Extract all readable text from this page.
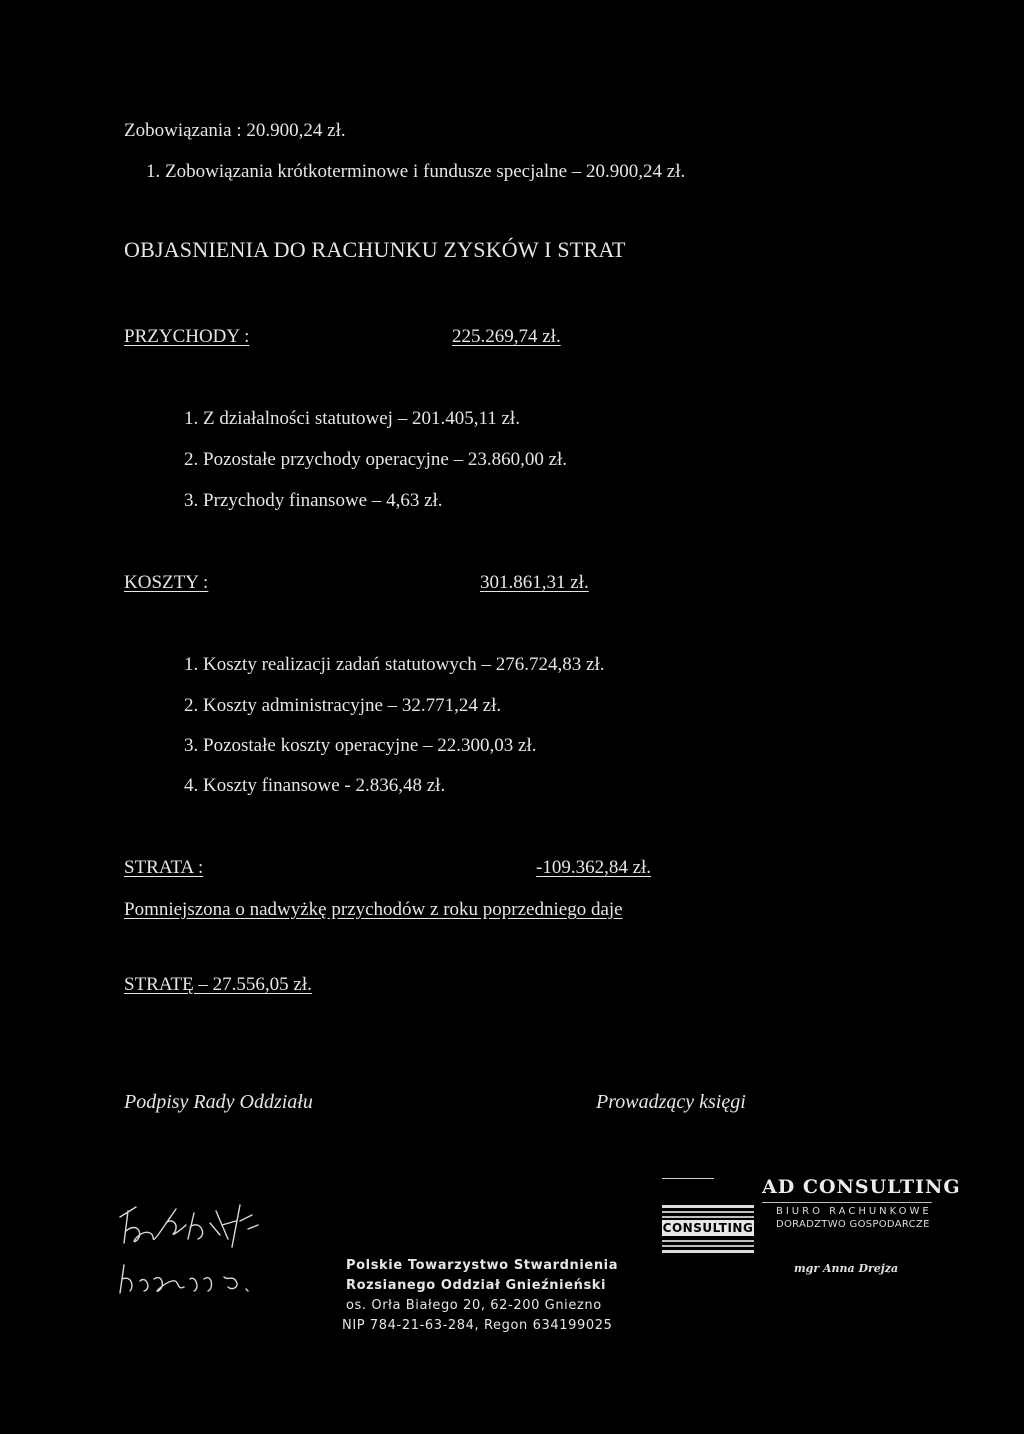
Zobowiązania : 20.900,24 zł.
1. Zobowiązania krótkoterminowe i fundusze specjalne – 20.900,24 zł.
OBJASNIENIA DO RACHUNKU ZYSKÓW I STRAT
PRZYCHODY :	225.269,74 zł.
1. Z działalności statutowej – 201.405,11 zł.
2. Pozostałe przychody operacyjne – 23.860,00 zł.
3. Przychody finansowe – 4,63 zł.
KOSZTY :	301.861,31 zł.
1. Koszty realizacji zadań statutowych – 276.724,83 zł.
2. Koszty administracyjne – 32.771,24 zł.
3. Pozostałe koszty operacyjne – 22.300,03 zł.
4. Koszty finansowe - 2.836,48 zł.
STRATA :	-109.362,84 zł.
Pomniejszona o nadwyżkę przychodów z roku poprzedniego daje
STRATĘ – 27.556,05 zł.
Podpisy Rady Oddziału	Prowadzący księgi
Polskie Towarzystwo Stwardnienia
Rozsianego Oddział Gnieźnieński
os. Orła Białego 20, 62-200 Gniezno
NIP 784-21-63-284, Regon 634199025
CONSULTING
AD CONSULTING
BIURO RACHUNKOWE
DORADZTWO GOSPODARCZE
mgr Anna Drejza
